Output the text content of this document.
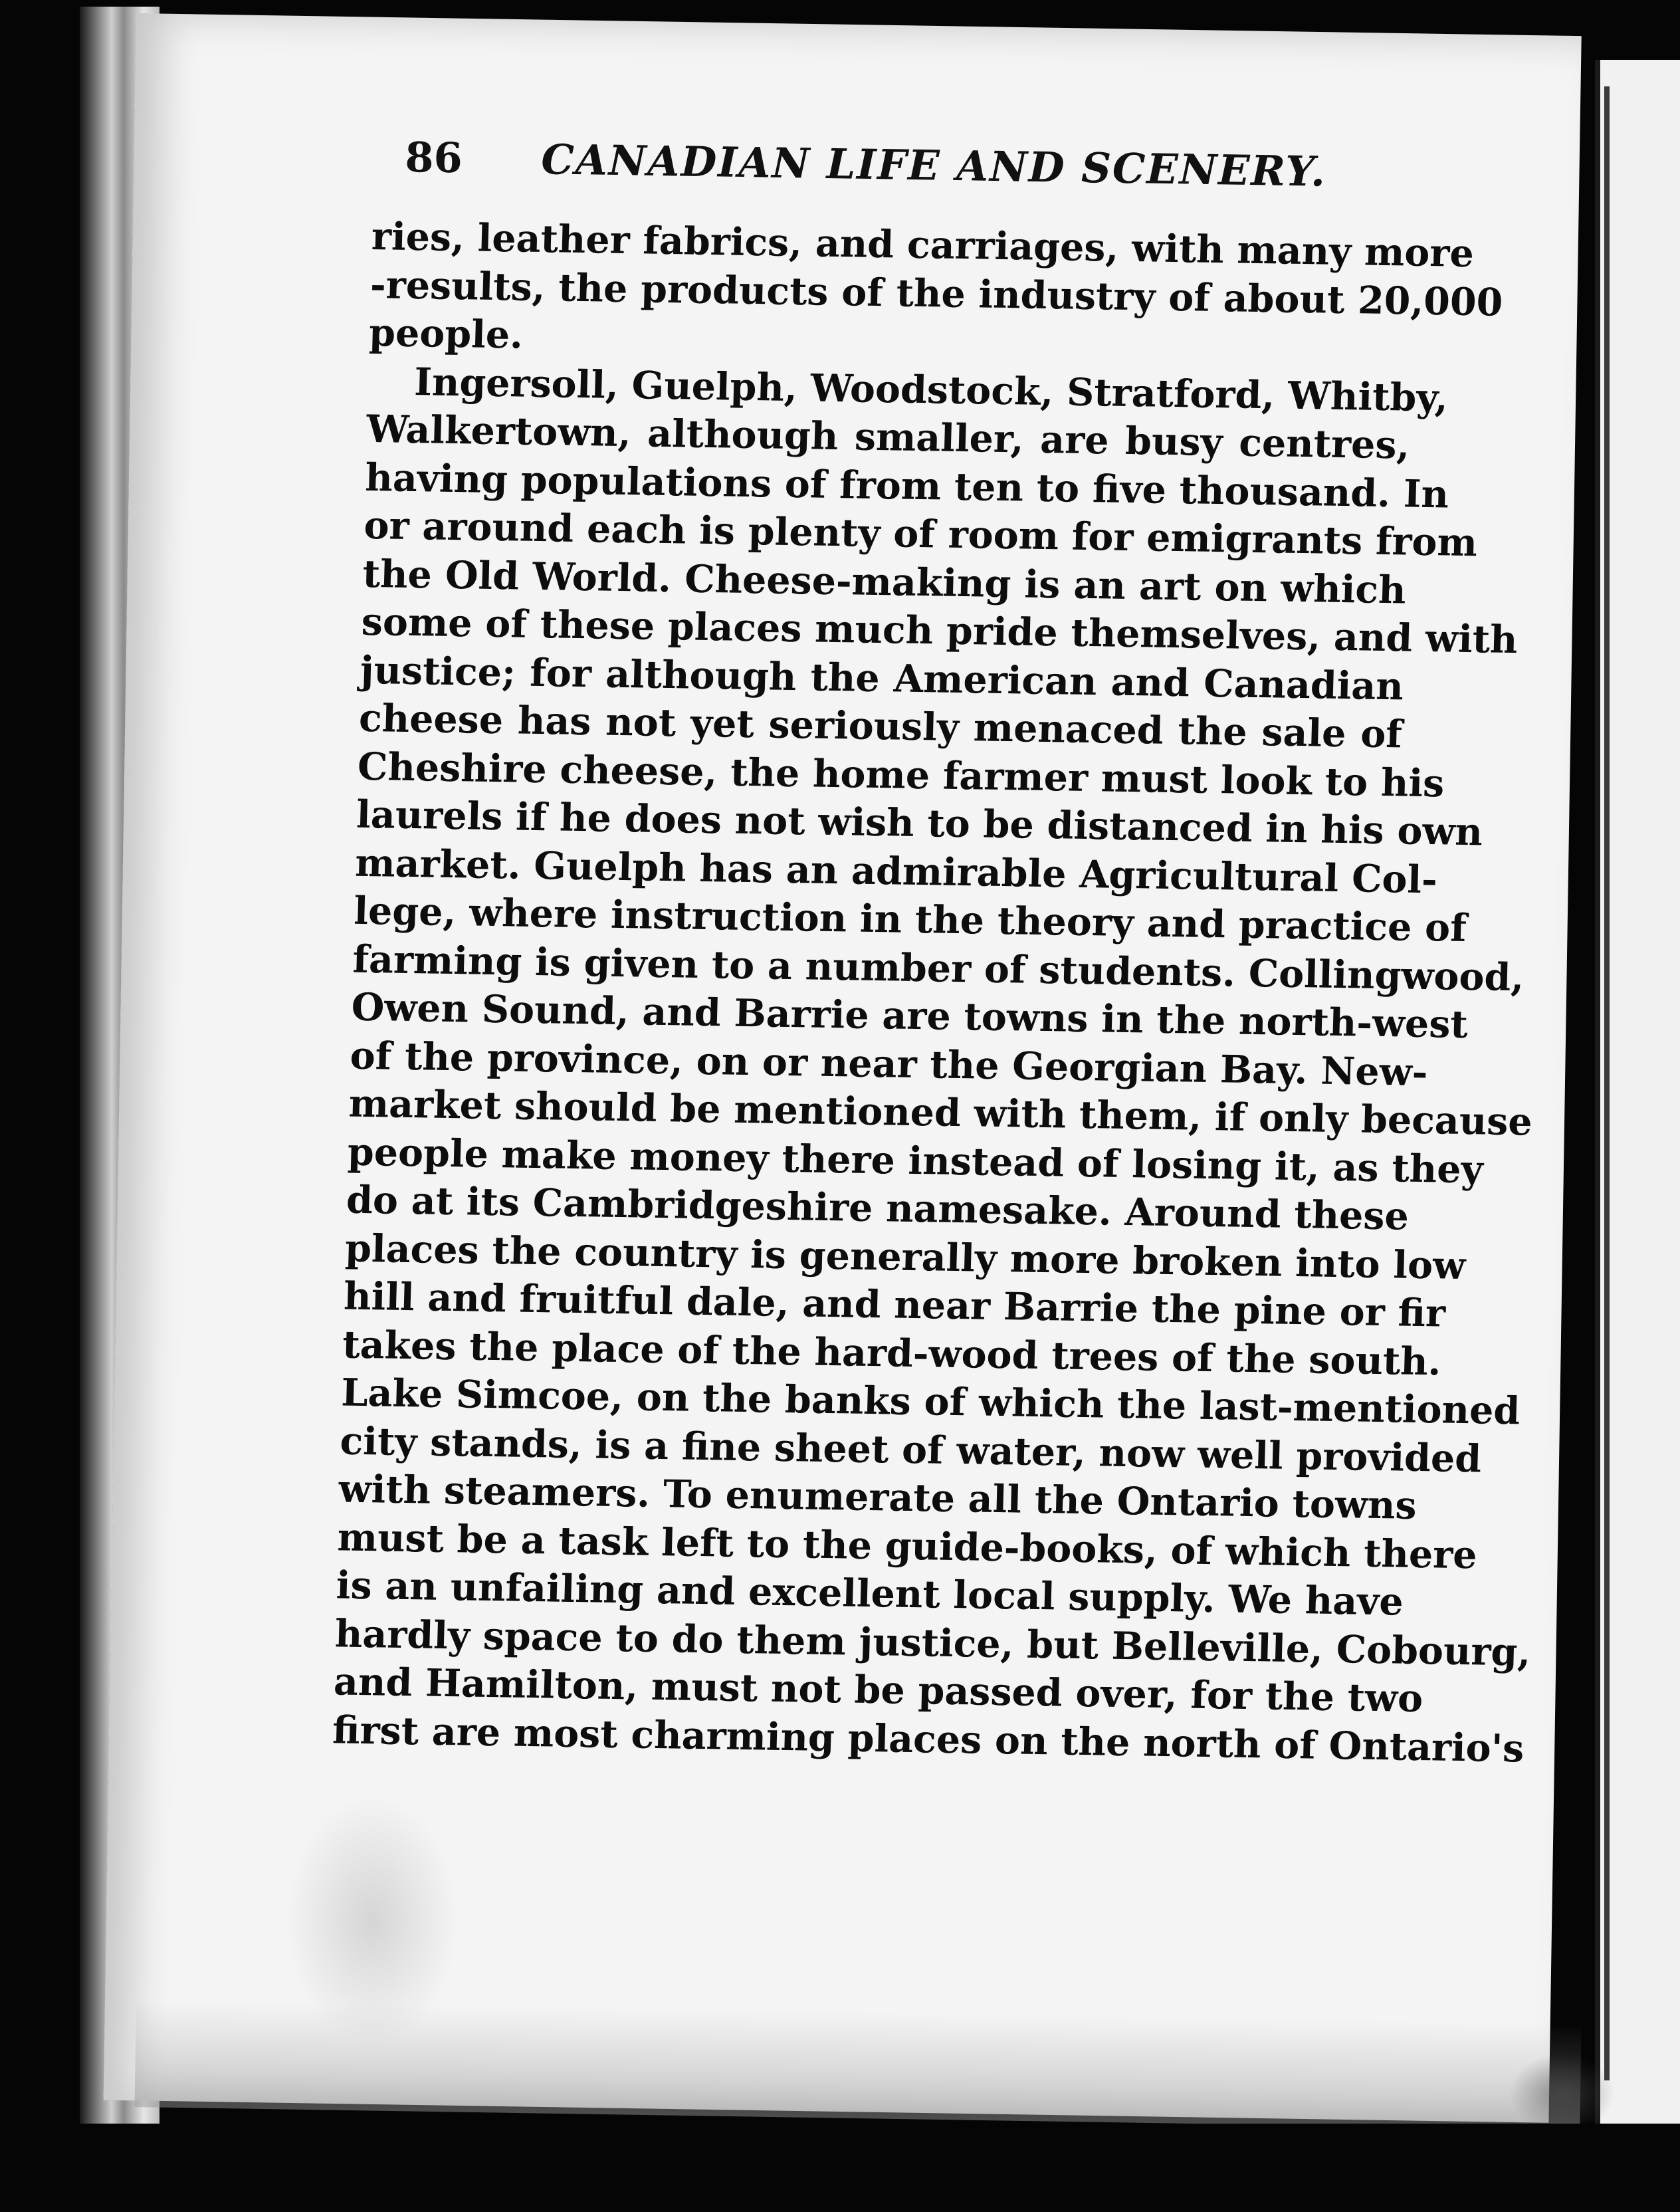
86 CANADIAN LIFE AND SCENERY.
ries, leather fabrics, and carriages, with many more
-results, the products of the industry of about 20,000
people.
Ingersoll, Guelph, Woodstock, Stratford, Whitby,
Walkertown, although smaller, are busy centres,
having populations of from ten to five thousand. In
or around each is plenty of room for emigrants from
the Old World. Cheese-making is an art on which
some of these places much pride themselves, and with
justice; for although the American and Canadian
cheese has not yet seriously menaced the sale of
Cheshire cheese, the home farmer must look to his
laurels if he does not wish to be distanced in his own
market. Guelph has an admirable Agricultural Col-
lege, where instruction in the theory and practice of
farming is given to a number of students. Collingwood,
Owen Sound, and Barrie are towns in the north-west
of the province, on or near the Georgian Bay. New-
market should be mentioned with them, if only because
people make money there instead of losing it, as they
do at its Cambridgeshire namesake. Around these
places the country is generally more broken into low
hill and fruitful dale, and near Barrie the pine or fir
takes the place of the hard-wood trees of the south.
Lake Simcoe, on the banks of which the last-mentioned
city stands, is a fine sheet of water, now well provided
with steamers. To enumerate all the Ontario towns
must be a task left to the guide-books, of which there
is an unfailing and excellent local supply. We have
hardly space to do them justice, but Belleville, Cobourg,
and Hamilton, must not be passed over, for the two
first are most charming places on the north of Ontario's
